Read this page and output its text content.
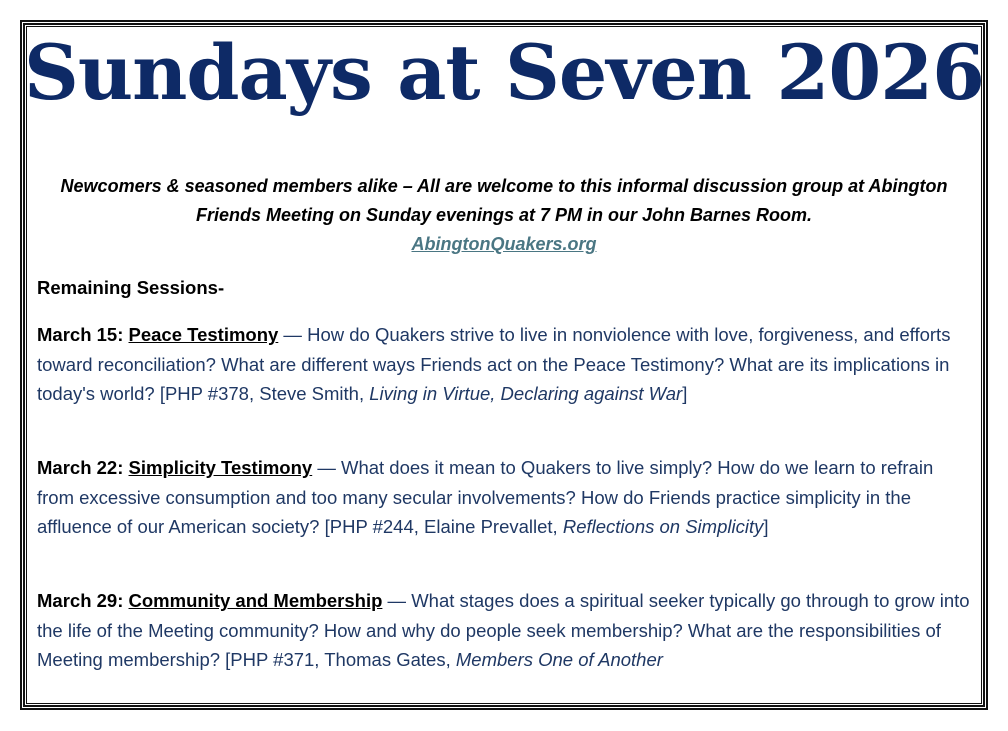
Sundays at Seven 2026
Newcomers & seasoned members alike – All are welcome to this informal discussion group at Abington Friends Meeting on Sunday evenings at 7 PM in our John Barnes Room.
AbingtonQuakers.org
Remaining Sessions-
March 15: Peace Testimony — How do Quakers strive to live in nonviolence with love, forgiveness, and efforts toward reconciliation? What are different ways Friends act on the Peace Testimony? What are its implications in today's world? [PHP #378, Steve Smith, Living in Virtue, Declaring against War]
March 22: Simplicity Testimony — What does it mean to Quakers to live simply? How do we learn to refrain from excessive consumption and too many secular involvements? How do Friends practice simplicity in the affluence of our American society? [PHP #244, Elaine Prevallet, Reflections on Simplicity]
March 29: Community and Membership — What stages does a spiritual seeker typically go through to grow into the life of the Meeting community? How and why do people seek membership? What are the responsibilities of Meeting membership? [PHP #371, Thomas Gates, Members One of Another
